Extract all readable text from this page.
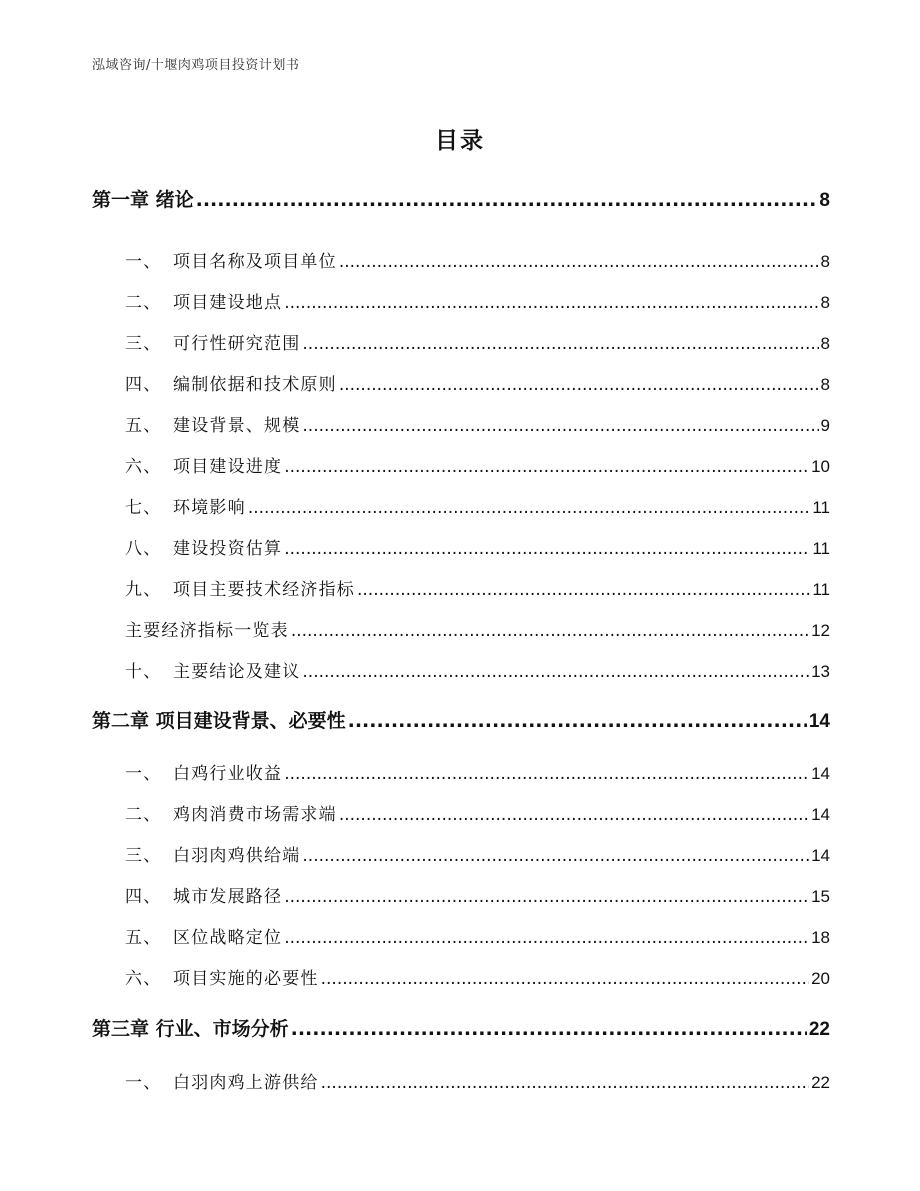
泓域咨询/十堰肉鸡项目投资计划书
目录
第一章 绪论 .....	8
一、 项目名称及项目单位 .....	8
二、 项目建设地点 .....	8
三、 可行性研究范围 .....	8
四、 编制依据和技术原则 .....	8
五、 建设背景、规模 .....	9
六、 项目建设进度 .....	10
七、 环境影响 .....	11
八、 建设投资估算 .....	11
九、 项目主要技术经济指标 .....	11
主要经济指标一览表 .....	12
十、 主要结论及建议 .....	13
第二章 项目建设背景、必要性 .....	14
一、 白鸡行业收益 .....	14
二、 鸡肉消费市场需求端 .....	14
三、 白羽肉鸡供给端 .....	14
四、 城市发展路径 .....	15
五、 区位战略定位 .....	18
六、 项目实施的必要性 .....	20
第三章 行业、市场分析 .....	22
一、 白羽肉鸡上游供给 .....	22
